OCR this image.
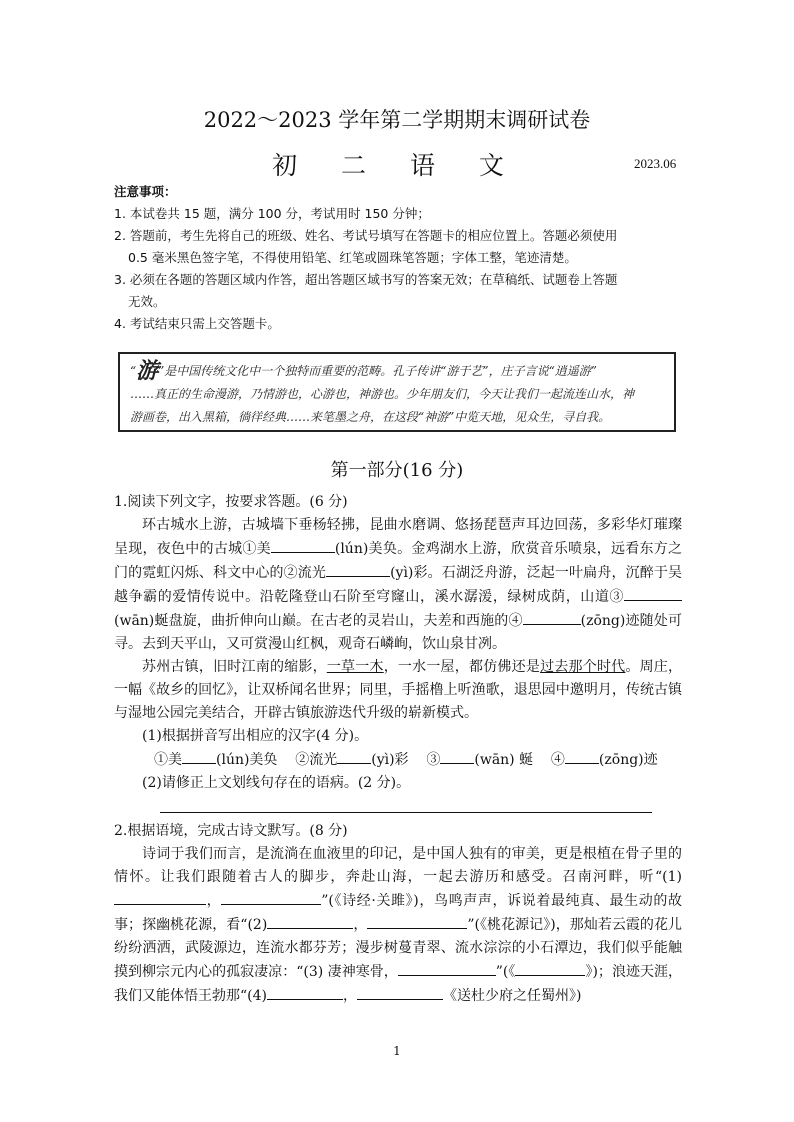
2022～2023 学年第二学期期末调研试卷
初 二 语 文	2023.06
注意事项：
1. 本试卷共 15 题，满分 100 分，考试用时 150 分钟；
2. 答题前，考生先将自己的班级、姓名、考试号填写在答题卡的相应位置上。答题必须使用
0.5 毫米黑色签字笔，不得使用铅笔、红笔或圆珠笔答题；字体工整，笔迹清楚。
3. 必须在各题的答题区域内作答，超出答题区域书写的答案无效；在草稿纸、试题卷上答题
无效。
4. 考试结束只需上交答题卡。
“游”是中国传统文化中一个独特而重要的范畴。孔子传讲“游于艺”，庄子言说“逍遥游”
……真正的生命漫游，乃情游也，心游也，神游也。少年朋友们，今天让我们一起流连山水，神
游画卷，出入黑箱，徜徉经典……来笔墨之舟，在这段“神游”中览天地，见众生，寻自我。
第一部分(16 分)
1.阅读下列文字，按要求答题。(6 分)
环古城水上游，古城墙下垂杨轻拂，昆曲水磨调、悠扬琵琶声耳边回荡，多彩华灯璀璨呈现，夜色中的古城①美	(lún)美奂。金鸡湖水上游，欣赏音乐喷泉，远看东方之门的霓虹闪烁、科文中心的②流光	(yì)彩。石湖泛舟游，泛起一叶扁舟，沉醉于吴越争霸的爱情传说中。沿乾隆登山石阶至穹窿山，溪水潺湲，绿树成荫，山道③(wān)蜒盘旋，曲折伸向山巅。在古老的灵岩山，夫差和西施的④	(zōng)迹随处可寻。去到天平山，又可赏漫山红枫，观奇石嶙峋，饮山泉甘冽。
苏州古镇，旧时江南的缩影，一草一木，一水一屋，都仿佛还是过去那个时代。周庄，一幅《故乡的回忆》，让双桥闻名世界；同里，手摇橹上听渔歌，退思园中邀明月，传统古镇与湿地公园完美结合，开辟古镇旅游迭代升级的崭新模式。
(1)根据拼音写出相应的汉字(4 分)。
①美 (lún)美奂 ②流光 (yì)彩 ③ (wān) 蜒 ④ (zōng)迹
(2)请修正上文划线句存在的语病。(2 分)。
2.根据语境，完成古诗文默写。(8 分)
诗词于我们而言，是流淌在血液里的印记，是中国人独有的审美，更是根植在骨子里的情怀。让我们跟随着古人的脚步，奔赴山海，一起去游历和感受。召南河畔，听“(1)，	”(《诗经·关雎》)，鸟鸣声声，诉说着最纯真、最生动的故事；探幽桃花源，看“(2)	，	”(《桃花源记》)，那灿若云霞的花儿纷纷洒洒，武陵源边，连流水都芬芳；漫步树蔓青翠、流水淙淙的小石潭边，我们似乎能触摸到柳宗元内心的孤寂凄凉：“(3) 凄神寒骨，	”(《	》)；浪迹天涯，我们又能体悟王勃那“(4)	，	《送杜少府之任蜀州》)
1
